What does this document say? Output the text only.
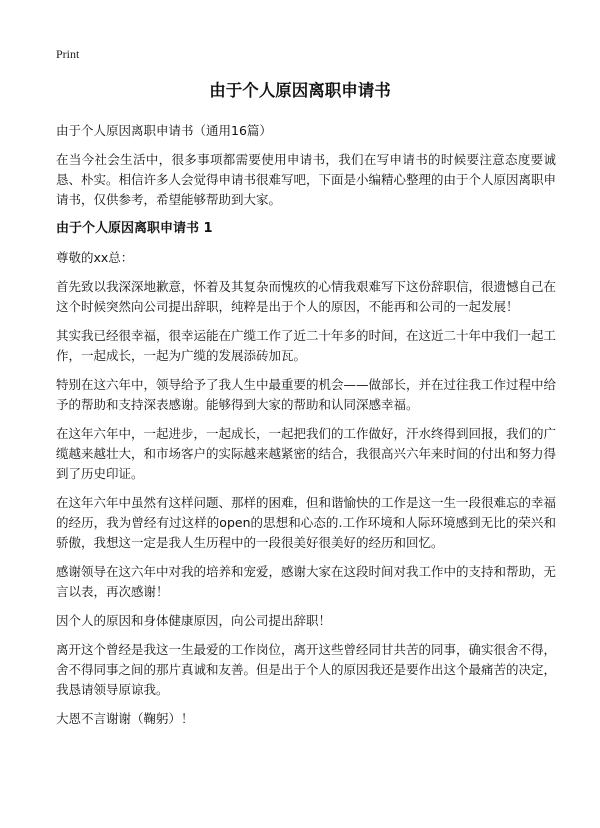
Print
由于个人原因离职申请书

由于个人原因离职申请书（通用16篇）

在当今社会生活中，很多事项都需要使用申请书，我们在写申请书的时候要注意态度要诚恳、朴实。相信许多人会觉得申请书很难写吧，下面是小编精心整理的由于个人原因离职申请书，仅供参考，希望能够帮助到大家。

由于个人原因离职申请书 1

尊敬的xx总：

首先致以我深深地歉意，怀着及其复杂而愧疚的心情我艰难写下这份辞职信，很遗憾自己在这个时候突然向公司提出辞职，纯粹是出于个人的原因，不能再和公司的一起发展！

其实我已经很幸福，很幸运能在广缆工作了近二十年多的时间，在这近二十年中我们一起工作，一起成长，一起为广缆的发展添砖加瓦。

特别在这六年中，领导给予了我人生中最重要的机会——做部长，并在过往我工作过程中给予的帮助和支持深表感谢。能够得到大家的帮助和认同深感幸福。

在这年六年中，一起进步，一起成长，一起把我们的工作做好，汗水终得到回报，我们的广缆越来越壮大，和市场客户的实际越来越紧密的结合，我很高兴六年来时间的付出和努力得到了历史印证。

在这年六年中虽然有这样问题、那样的困难，但和谐愉快的工作是这一生一段很难忘的幸福的经历，我为曾经有过这样的open的思想和心态的.工作环境和人际环境感到无比的荣兴和骄傲，我想这一定是我人生历程中的一段很美好很美好的经历和回忆。

感谢领导在这六年中对我的培养和宠爱，感谢大家在这段时间对我工作中的支持和帮助，无言以表，再次感谢！

因个人的原因和身体健康原因，向公司提出辞职！

离开这个曾经是我这一生最爱的工作岗位，离开这些曾经同甘共苦的同事，确实很舍不得，舍不得同事之间的那片真诚和友善。但是出于个人的原因我还是要作出这个最痛苦的决定，我恳请领导原谅我。

大恩不言谢谢（鞠躬）！
